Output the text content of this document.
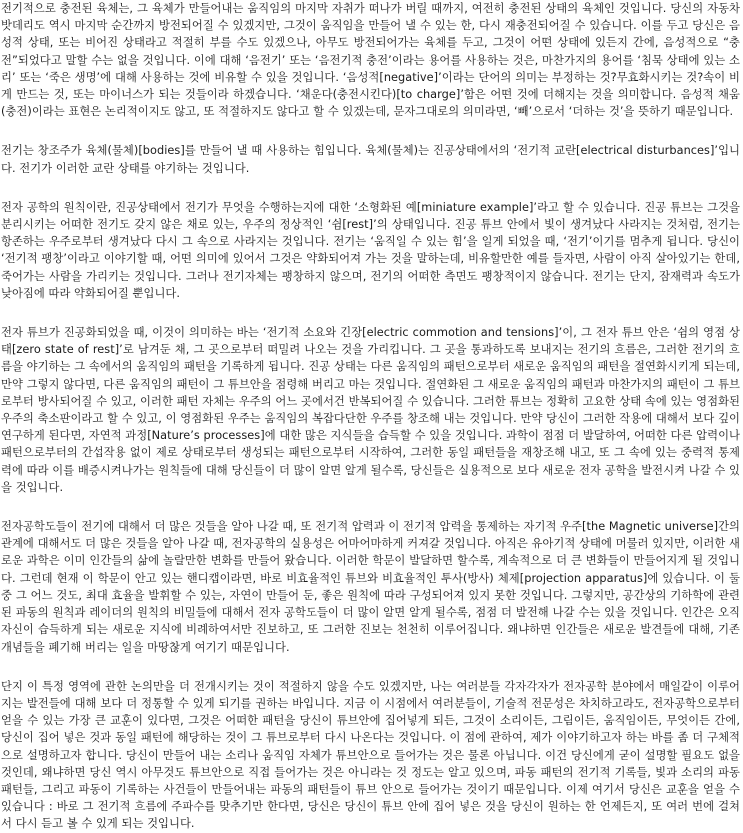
전기적으로 충전된 육체는, 그 육체가 만들어내는 움직임의 마지막 자취가 떠나가 버릴 때까지, 여전히 충전된 상태의 육체인 것입니다. 당신의 자동차 밧데리도 역시 마지막 순간까지 방전되어질 수 있겠지만, 그것이 움직임을 만들어 낼 수 있는 한, 다시 재충전되어질 수 있습니다. 이를 두고 당신은 음성적 상태, 또는 비어진 상태라고 적절히 부를 수도 있겠으나, 아무도 방전되어가는 육체를 두고, 그것이 어떤 상태에 있든지 간에, 음성적으로 “충전”되었다고 말할 수는 없을 것입니다. 이에 대해 ‘음전기’ 또는 ‘음전기적 충전’이라는 용어를 사용하는 것은, 마찬가지의 용어를 ‘침묵 상태에 있는 소리’ 또는 ‘죽은 생명’에 대해 사용하는 것에 비유할 수 있을 것입니다. ‘음성적[negative]’이라는 단어의 의미는 부정하는 것?무효화시키는 것?속이 비게 만드는 것, 또는 마이너스가 되는 것들이라 하겠습니다. ‘채운다(충전시킨다)[to charge]’함은 어떤 것에 더해지는 것을 의미합니다. 음성적 채움(충전)이라는 표현은 논리적이지도 않고, 또 적절하지도 않다고 할 수 있겠는데, 문자그대로의 의미라면, ‘빼’으로서 ‘더하는 것’을 뜻하기 때문입니다.

전기는 창조주가 육체(물체)[bodies]를 만들어 낼 때 사용하는 힘입니다. 육체(물체)는 진공상태에서의 ‘전기적 교란[electrical disturbances]’입니다. 전기가 이러한 교란 상태를 야기하는 것입니다.

전자 공학의 원칙이란, 진공상태에서 전기가 무엇을 수행하는지에 대한 ‘소형화된 예[miniature example]’라고 할 수 있습니다. 진공 튜브는 그것을 분리시키는 어떠한 전기도 갖지 않은 채로 있는, 우주의 정상적인 ‘쉼[rest]’의 상태입니다. 진공 튜브 안에서 빛이 생겨났다 사라지는 것처럼, 전기는 항존하는 우주로부터 생겨났다 다시 그 속으로 사라지는 것입니다. 전기는 ‘움직일 수 있는 힘’을 일게 되었을 때, ‘전기’이기를 멈추게 됩니다. 당신이 ‘전기적 팽창’이라고 이야기할 때, 어떤 의미에 있어서 그것은 약화되어져 가는 것을 말하는데, 비유할만한 예를 들자면, 사람이 아직 살아있기는 한데, 죽어가는 사람을 가리키는 것입니다. 그러나 전기자체는 팽창하지 않으며, 전기의 어떠한 측면도 팽창적이지 않습니다. 전기는 단지, 잠재력과 속도가 낮아짐에 따라 약화되어질 뿐입니다.

전자 튜브가 진공화되었을 때, 이것이 의미하는 바는 ‘전기적 소요와 긴장[electric commotion and tensions]’이, 그 전자 튜브 안은 ‘쉼의 영점 상태[zero state of rest]’로 남겨둔 채, 그 곳으로부터 떠밀려 나오는 것을 가리킵니다. 그 곳을 통과하도록 보내지는 전기의 흐름은, 그러한 전기의 흐름을 야기하는 그 속에서의 움직임의 패턴을 기록하게 됩니다. 진공 상태는 다른 움직임의 패턴으로부터 새로운 움직임의 패턴을 절연화시키게 되는데, 만약 그렇지 않다면, 다른 움직임의 패턴이 그 튜브안을 점령해 버리고 마는 것입니다. 절연화된 그 새로운 움직임의 패턴과 마찬가지의 패턴이 그 튜브로부터 방사되어질 수 있고, 이러한 패턴 자체는 우주의 어느 곳에서건 반복되어질 수 있습니다. 그러한 튜브는 정확히 고요한 상태 속에 있는 영점화된 우주의 축소판이라고 할 수 있고, 이 영점화된 우주는 움직임의 복잡다단한 우주를 창조해 내는 것입니다. 만약 당신이 그러한 작용에 대해서 보다 깊이 연구하게 된다면, 자연적 과정[Nature’s processes]에 대한 많은 지식들을 습득할 수 있을 것입니다. 과학이 점점 더 발달하여, 어떠한 다른 압력이나 패턴으로부터의 간섭작용 없이 제로 상태로부터 생성되는 패턴으로부터 시작하여, 그러한 동일 패턴들을 재창조해 내고, 또 그 속에 있는 중력적 통제력에 따라 이를 배증시켜나가는 원칙들에 대해 당신들이 더 많이 알면 알게 될수록, 당신들은 실용적으로 보다 새로운 전자 공학을 발전시켜 나갈 수 있을 것입니다.

전자공학도들이 전기에 대해서 더 많은 것들을 알아 나갈 때, 또 전기적 압력과 이 전기적 압력을 통제하는 자기적 우주[the Magnetic universe]간의 관계에 대해서도 더 많은 것들을 알아 나갈 때, 전자공학의 실용성은 어마어마하게 커져갈 것입니다. 아직은 유아기적 상태에 머물러 있지만, 이러한 새로운 과학은 이미 인간들의 삶에 놀랄만한 변화를 만들어 왔습니다. 이러한 학문이 발달하면 할수록, 계속적으로 더 큰 변화들이 만들어지게 될 것입니다. 그런데 현재 이 학문이 안고 있는 핸디캡이라면, 바로 비효율적인 튜브와 비효율적인 투사(방사) 체제[projection apparatus]에 있습니다. 이 둘 중 그 어느 것도, 최대 효율을 발휘할 수 있는, 자연이 만들어 둔, 좋은 원칙에 따라 구성되어져 있지 못한 것입니다. 그렇지만, 공간상의 기하학에 관련된 파동의 원칙과 레이더의 원칙의 비밀들에 대해서 전자 공학도들이 더 많이 알면 알게 될수록, 점점 더 발전해 나갈 수는 있을 것입니다. 인간은 오직 자신이 습득하게 되는 새로운 지식에 비례하여서만 진보하고, 또 그러한 진보는 천천히 이루어집니다. 왜냐하면 인간들은 새로운 발견들에 대해, 기존 개념들을 폐기해 버리는 일을 마땅찮게 여기기 때문입니다.

단지 이 특정 영역에 관한 논의만을 더 전개시키는 것이 적절하지 않을 수도 있겠지만, 나는 여러분들 각자각자가 전자공학 분야에서 매일같이 이루어지는 발전들에 대해 보다 더 정통할 수 있게 되기를 권하는 바입니다. 지금 이 시점에서 여러분들이, 기술적 전문성은 차치하고라도, 전자공학으로부터 얻을 수 있는 가장 큰 교훈이 있다면, 그것은 어떠한 패턴을 당신이 튜브안에 집어넣게 되든, 그것이 소리이든, 그림이든, 움직임이든, 무엇이든 간에, 당신이 집어 넣은 것과 동일 패턴에 해당하는 것이 그 튜브로부터 다시 나온다는 것입니다. 이 점에 관하여, 제가 이야기하고자 하는 바를 좀 더 구체적으로 설명하고자 합니다. 당신이 만들어 내는 소리나 움직임 자체가 튜브안으로 들어가는 것은 물론 아닙니다. 이건 당신에게 굳이 설명할 필요도 없을 것인데, 왜냐하면 당신 역시 아무것도 튜브안으로 직접 들어가는 것은 아니라는 것 정도는 알고 있으며, 파동 패턴의 전기적 기록들, 빛과 소리의 파동 패턴들, 그리고 파동이 기록하는 사건들이 만들어내는 파동의 패턴들이 튜브 안으로 들어가는 것이기 때문입니다. 이제 여기서 당신은 교훈을 얻을 수 있습니다 : 바로 그 전기적 흐름에 주파수를 맞추기만 한다면, 당신은 당신이 튜브 안에 집어 넣은 것을 당신이 원하는 한 언제든지, 또 여러 번에 걸쳐서 다시 듣고 볼 수 있게 되는 것입니다.
